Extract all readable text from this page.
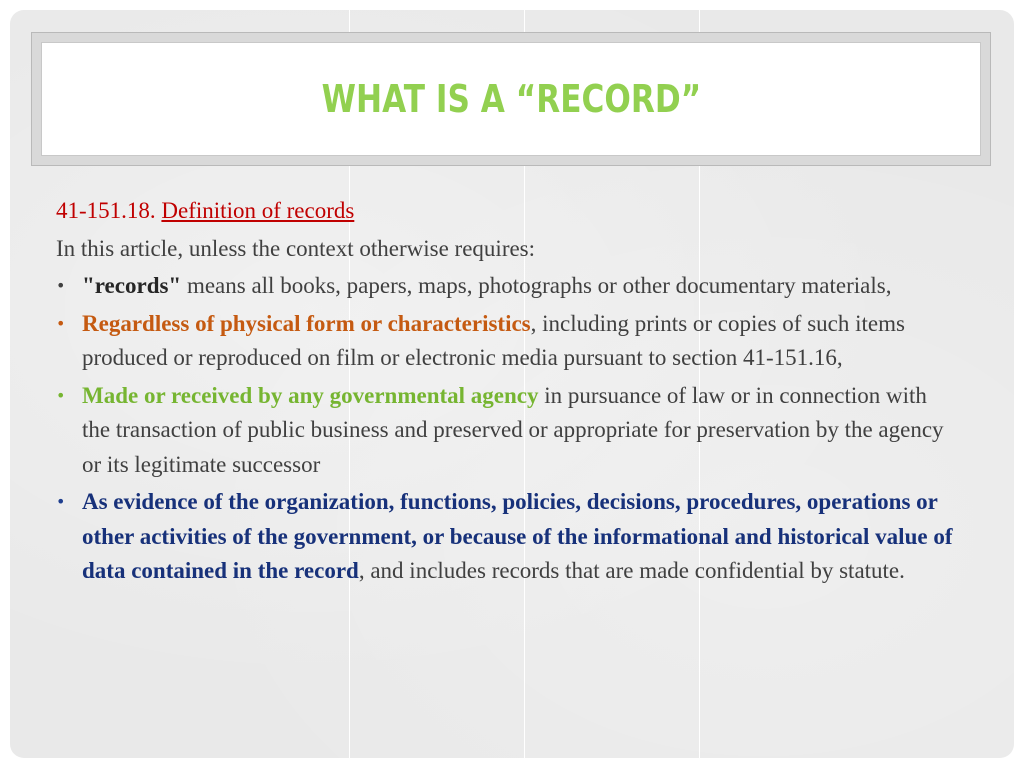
WHAT IS A “RECORD”

41-151.18. Definition of records

In this article, unless the context otherwise requires:

• "records" means all books, papers, maps, photographs or other documentary materials,
• Regardless of physical form or characteristics, including prints or copies of such items produced or reproduced on film or electronic media pursuant to section 41-151.16,
• Made or received by any governmental agency in pursuance of law or in connection with the transaction of public business and preserved or appropriate for preservation by the agency or its legitimate successor
• As evidence of the organization, functions, policies, decisions, procedures, operations or other activities of the government, or because of the informational and historical value of data contained in the record, and includes records that are made confidential by statute.
